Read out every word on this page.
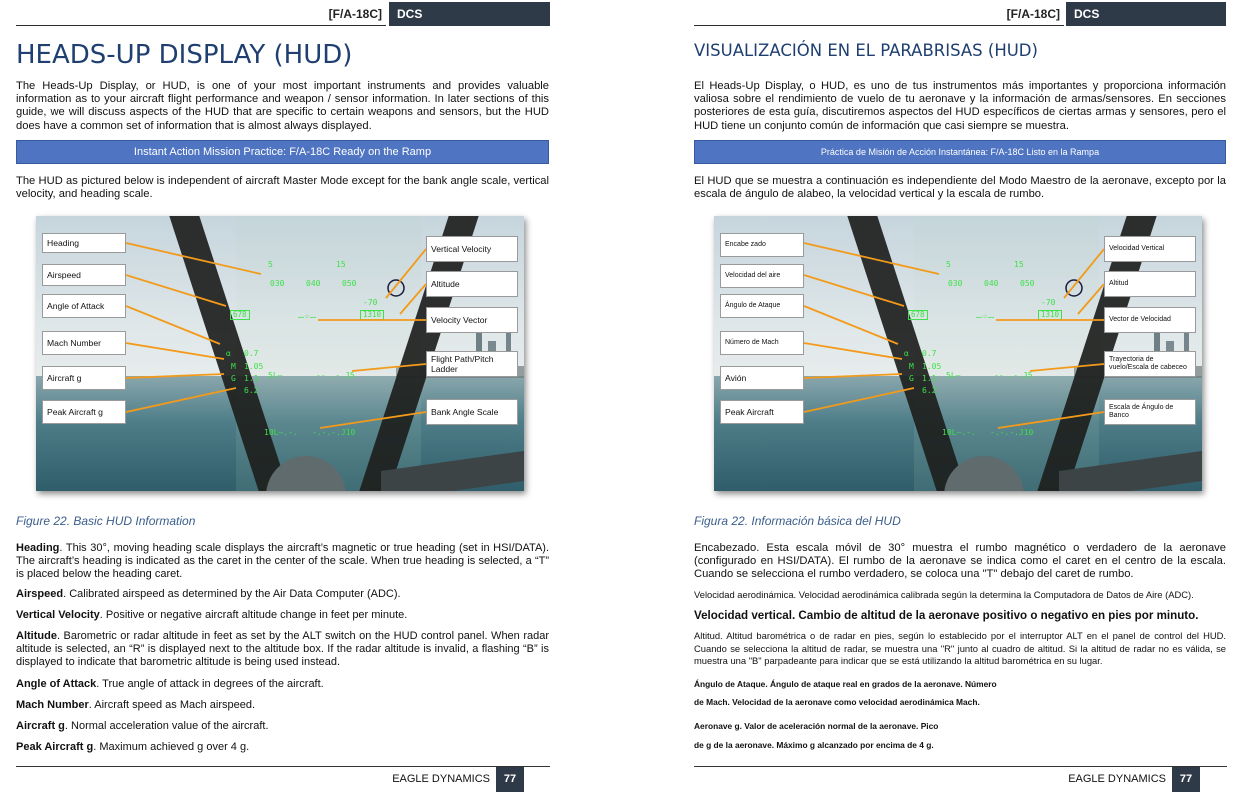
[F/A-18C]	DCS
HEADS-UP DISPLAY (HUD)
The Heads-Up Display, or HUD, is one of your most important instruments and provides valuable information as to your aircraft flight performance and weapon / sensor information. In later sections of this guide, we will discuss aspects of the HUD that are specific to certain weapons and sensors, but the HUD does have a common set of information that is almost always displayed.
Instant Action Mission Practice: F/A-18C Ready on the Ramp
The HUD as pictured below is independent of aircraft Master Mode except for the bank angle scale, vertical velocity, and heading scale.
5	15
030	040	050
-70
678	1310
—◦—
α 0.7
M 1.05
G 1.1
6.2
5L—	-- .-.J5
10L—.-. -.-.-.J10
Heading
Airspeed
Angle of Attack
Mach Number
Aircraft g
Peak Aircraft g
Vertical Velocity
Altitude
Velocity Vector
Flight Path/Pitch Ladder
Bank Angle Scale
Figure 22. Basic HUD Information
Heading. This 30°, moving heading scale displays the aircraft’s magnetic or true heading (set in HSI/DATA). The aircraft’s heading is indicated as the caret in the center of the scale. When true heading is selected, a “T” is placed below the heading caret.
Airspeed. Calibrated airspeed as determined by the Air Data Computer (ADC).
Vertical Velocity. Positive or negative aircraft altitude change in feet per minute.
Altitude. Barometric or radar altitude in feet as set by the ALT switch on the HUD control panel. When radar altitude is selected, an “R” is displayed next to the altitude box. If the radar altitude is invalid, a flashing “B” is displayed to indicate that barometric altitude is being used instead.
Angle of Attack. True angle of attack in degrees of the aircraft.
Mach Number. Aircraft speed as Mach airspeed.
Aircraft g. Normal acceleration value of the aircraft.
Peak Aircraft g. Maximum achieved g over 4 g.
EAGLE DYNAMICS	77
[F/A-18C]	DCS
VISUALIZACIÓN EN EL PARABRISAS (HUD)
El Heads-Up Display, o HUD, es uno de tus instrumentos más importantes y proporciona información valiosa sobre el rendimiento de vuelo de tu aeronave y la información de armas/sensores. En secciones posteriores de esta guía, discutiremos aspectos del HUD específicos de ciertas armas y sensores, pero el HUD tiene un conjunto común de información que casi siempre se muestra.
Práctica de Misión de Acción Instantánea: F/A-18C Listo en la Rampa
El HUD que se muestra a continuación es independiente del Modo Maestro de la aeronave, excepto por la escala de ángulo de alabeo, la velocidad vertical y la escala de rumbo.
5	15
030	040	050
-70
678	1310
—◦—
α 0.7
M 1.05
G 1.1
6.2
5L—	-- .-.J5
10L—.-. -.-.-.J10
Encabe zado
Velocidad del aire
Ángulo de Ataque
Número de Mach
Avión
Peak Aircraft
Velocidad Vertical
Altitud
Vector de Velocidad
Trayectoria de vuelo/Escala de cabeceo
Escala de Ángulo de Banco
Figura 22. Información básica del HUD
Encabezado. Esta escala móvil de 30° muestra el rumbo magnético o verdadero de la aeronave (configurado en HSI/DATA). El rumbo de la aeronave se indica como el caret en el centro de la escala. Cuando se selecciona el rumbo verdadero, se coloca una "T" debajo del caret de rumbo.
Velocidad aerodinámica. Velocidad aerodinámica calibrada según la determina la Computadora de Datos de Aire (ADC).
Velocidad vertical. Cambio de altitud de la aeronave positivo o negativo en pies por minuto.
Altitud. Altitud barométrica o de radar en pies, según lo establecido por el interruptor ALT en el panel de control del HUD. Cuando se selecciona la altitud de radar, se muestra una "R" junto al cuadro de altitud. Si la altitud de radar no es válida, se muestra una "B" parpadeante para indicar que se está utilizando la altitud barométrica en su lugar.
Ángulo de Ataque. Ángulo de ataque real en grados de la aeronave. Número
de Mach. Velocidad de la aeronave como velocidad aerodinámica Mach.
Aeronave g. Valor de aceleración normal de la aeronave. Pico
de g de la aeronave. Máximo g alcanzado por encima de 4 g.
EAGLE DYNAMICS	77
